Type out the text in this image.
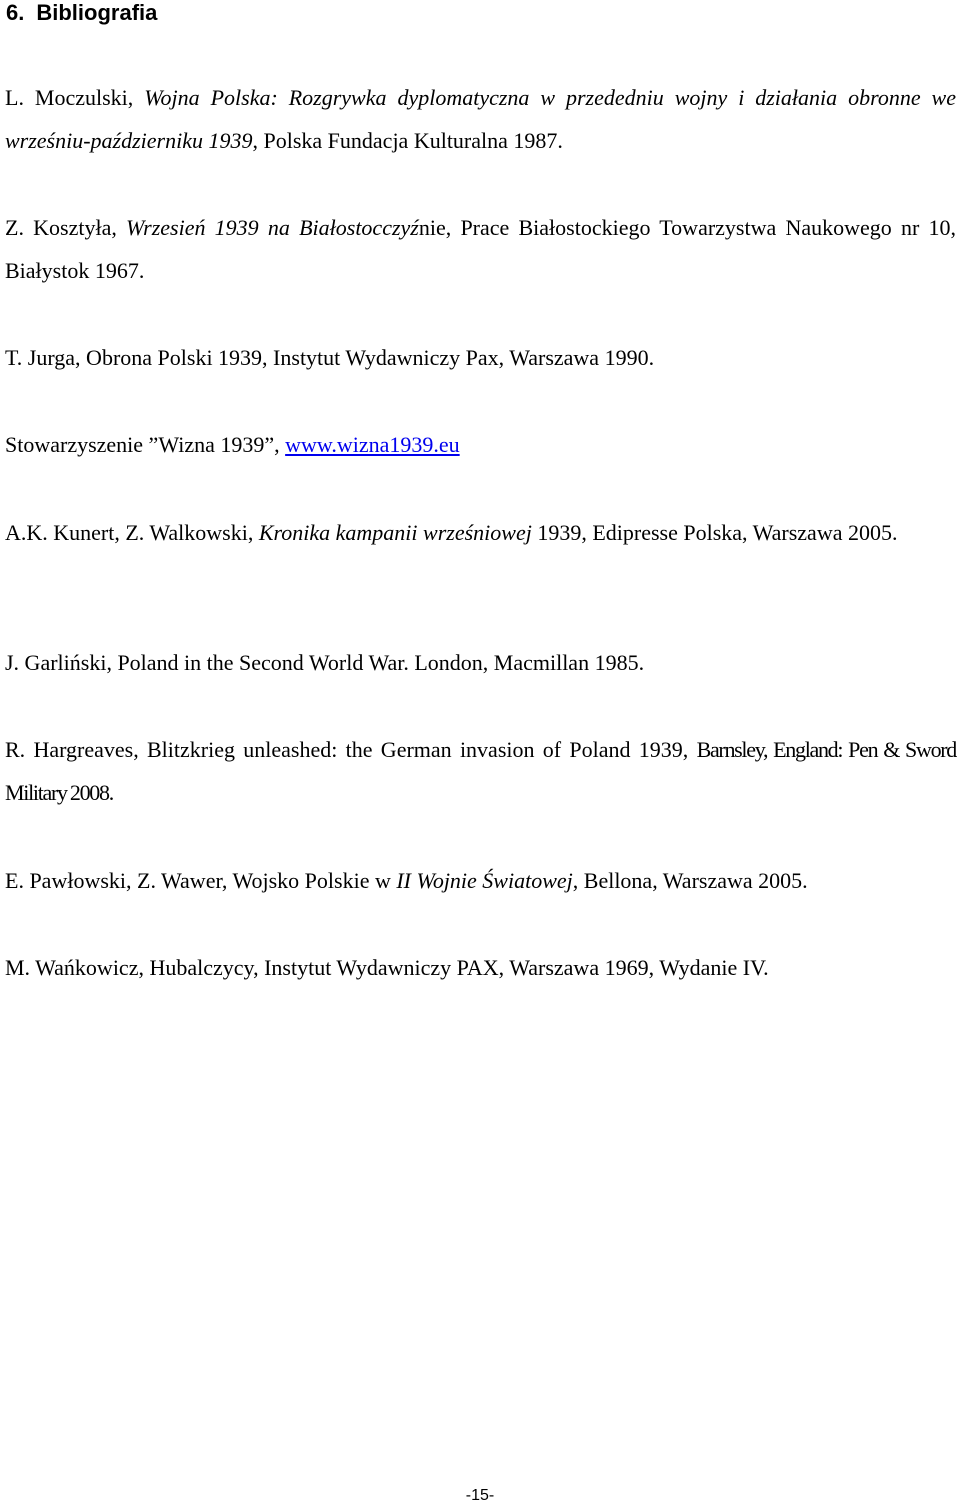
6. Bibliografia

L. Moczulski, Wojna Polska: Rozgrywka dyplomatyczna w przededniu wojny i działania obronne we wrześniu-październiku 1939, Polska Fundacja Kulturalna 1987.

Z. Kosztyła, Wrzesień 1939 na Białostocczyźnie, Prace Białostockiego Towarzystwa Naukowego nr 10, Białystok 1967.

T. Jurga, Obrona Polski 1939, Instytut Wydawniczy Pax, Warszawa 1990.

Stowarzyszenie ”Wizna 1939”, www.wizna1939.eu

A.K. Kunert, Z. Walkowski, Kronika kampanii wrześniowej 1939, Edipresse Polska, Warszawa 2005.

J. Garliński, Poland in the Second World War. London, Macmillan 1985.

R. Hargreaves, Blitzkrieg unleashed: the German invasion of Poland 1939, Barnsley, England: Pen & Sword Military 2008.

E. Pawłowski, Z. Wawer, Wojsko Polskie w II Wojnie Światowej, Bellona, Warszawa 2005.

M. Wańkowicz, Hubalczycy, Instytut Wydawniczy PAX, Warszawa 1969, Wydanie IV.

-15-
